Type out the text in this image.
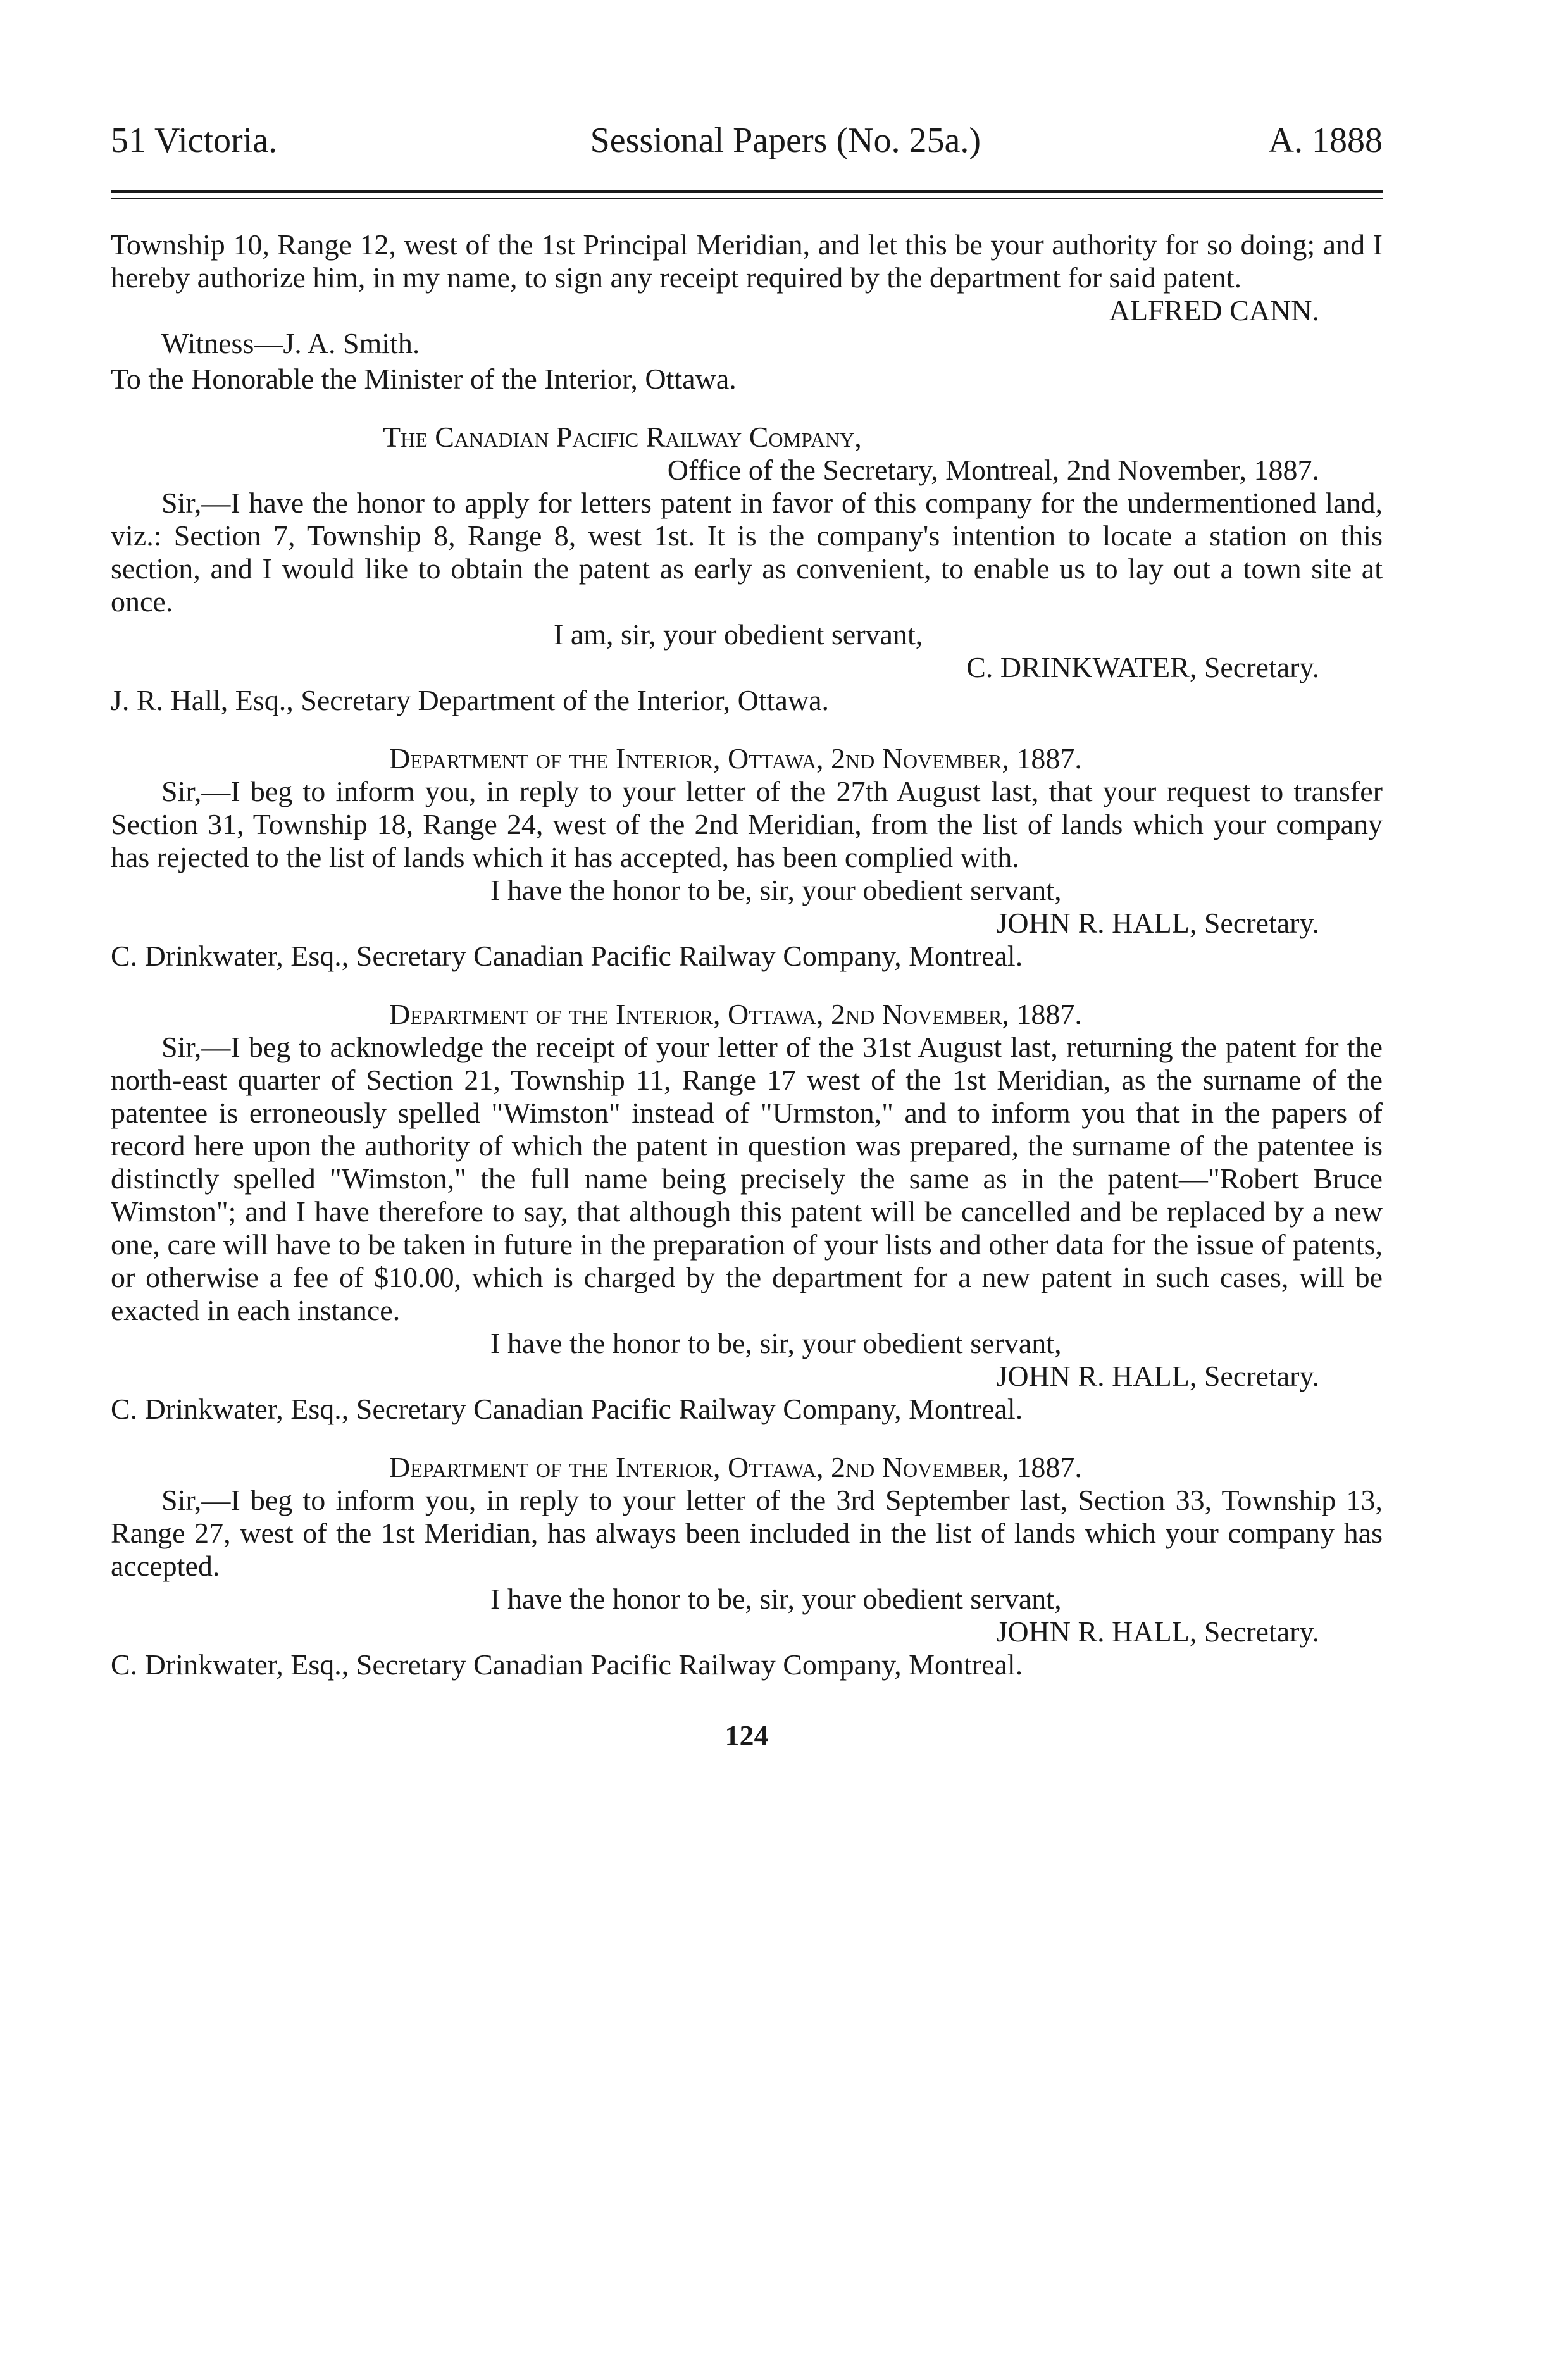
51 Victoria.	Sessional Papers (No. 25a.)	A. 1888

Township 10, Range 12, west of the 1st Principal Meridian, and let this be your authority for so doing; and I hereby authorize him, in my name, to sign any receipt required by the department for said patent.

ALFRED CANN.

Witness—J. A. Smith.

To the Honorable the Minister of the Interior, Ottawa.

The Canadian Pacific Railway Company,

Office of the Secretary, Montreal, 2nd November, 1887.

Sir,—I have the honor to apply for letters patent in favor of this company for the undermentioned land, viz.: Section 7, Township 8, Range 8, west 1st. It is the company's intention to locate a station on this section, and I would like to obtain the patent as early as convenient, to enable us to lay out a town site at once.

I am, sir, your obedient servant,

C. DRINKWATER, Secretary.

J. R. Hall, Esq., Secretary Department of the Interior, Ottawa.

Department of the Interior, Ottawa, 2nd November, 1887.

Sir,—I beg to inform you, in reply to your letter of the 27th August last, that your request to transfer Section 31, Township 18, Range 24, west of the 2nd Meridian, from the list of lands which your company has rejected to the list of lands which it has accepted, has been complied with.

I have the honor to be, sir, your obedient servant,

JOHN R. HALL, Secretary.

C. Drinkwater, Esq., Secretary Canadian Pacific Railway Company, Montreal.

Department of the Interior, Ottawa, 2nd November, 1887.

Sir,—I beg to acknowledge the receipt of your letter of the 31st August last, returning the patent for the north-east quarter of Section 21, Township 11, Range 17 west of the 1st Meridian, as the surname of the patentee is erroneously spelled "Wimston" instead of "Urmston," and to inform you that in the papers of record here upon the authority of which the patent in question was prepared, the surname of the patentee is distinctly spelled "Wimston," the full name being precisely the same as in the patent—"Robert Bruce Wimston"; and I have therefore to say, that although this patent will be cancelled and be replaced by a new one, care will have to be taken in future in the preparation of your lists and other data for the issue of patents, or otherwise a fee of $10.00, which is charged by the department for a new patent in such cases, will be exacted in each instance.

I have the honor to be, sir, your obedient servant,

JOHN R. HALL, Secretary.

C. Drinkwater, Esq., Secretary Canadian Pacific Railway Company, Montreal.

Department of the Interior, Ottawa, 2nd November, 1887.

Sir,—I beg to inform you, in reply to your letter of the 3rd September last, Section 33, Township 13, Range 27, west of the 1st Meridian, has always been included in the list of lands which your company has accepted.

I have the honor to be, sir, your obedient servant,

JOHN R. HALL, Secretary.

C. Drinkwater, Esq., Secretary Canadian Pacific Railway Company, Montreal.

124
